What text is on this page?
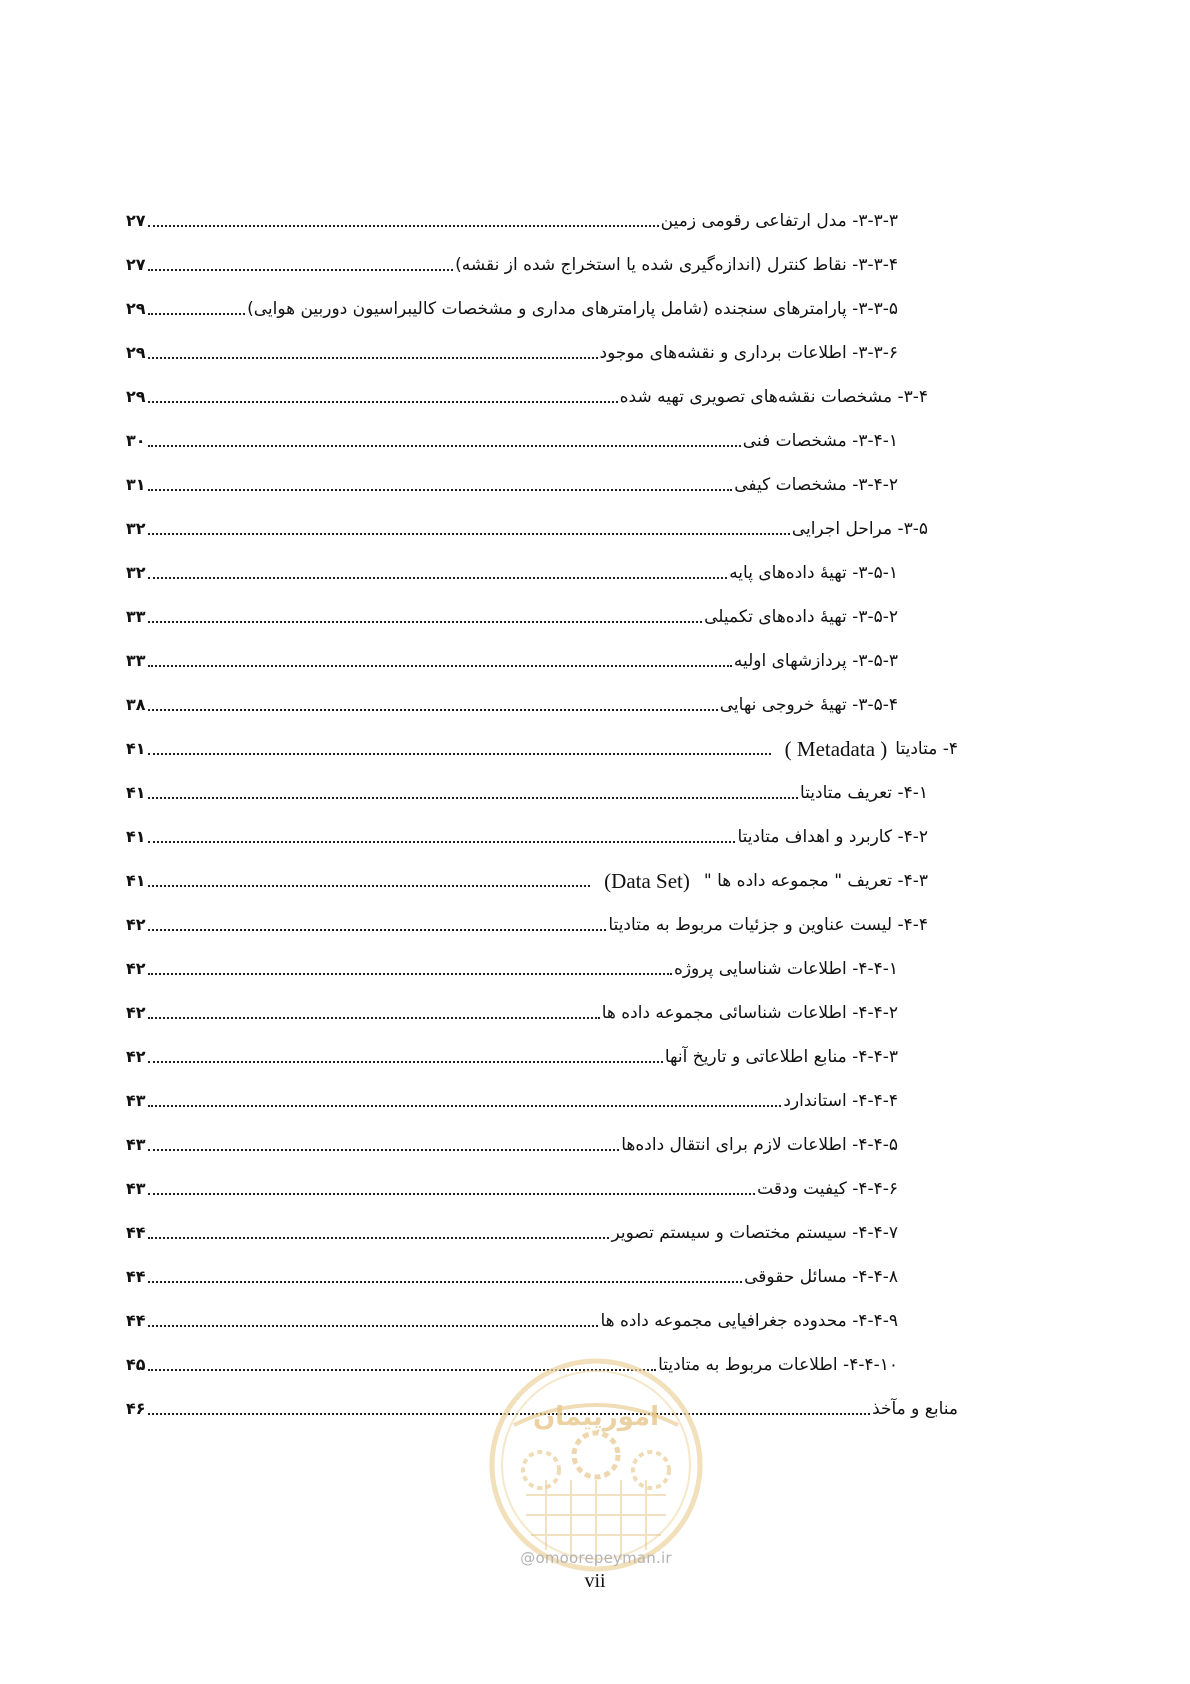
۳-۳-۳- مدل ارتفاعی رقومی زمین
۲۷
۳-۳-۴- نقاط کنترل (اندازه‌گیری شده یا استخراج شده از نقشه)
۲۷
۳-۳-۵- پارامترهای سنجنده (شامل پارامترهای مداری و مشخصات کالیبراسیون دوربین هوایی)
۲۹
۳-۳-۶- اطلاعات برداری و نقشه‌های موجود
۲۹
۳-۴- مشخصات نقشه‌های تصویری تهیه شده
۲۹
۳-۴-۱- مشخصات فنی
۳۰
۳-۴-۲- مشخصات کیفی
۳۱
۳-۵- مراحل اجرایی
۳۲
۳-۵-۱- تهیهٔ داده‌های پایه
۳۲
۳-۵-۲- تهیهٔ داده‌های تکمیلی
۳۳
۳-۵-۳- پردازشهای اولیه
۳۳
۳-۵-۴- تهیهٔ خروجی نهایی
۳۸
۴- متادیتا
( Metadata )
۴۱
۴-۱- تعریف متادیتا
۴۱
۴-۲- کاربرد و اهداف متادیتا
۴۱
۴-۳- تعریف " مجموعه داده ها "
(Data Set)
۴۱
۴-۴- لیست عناوین و جزئیات مربوط به متادیتا
۴۲
۴-۴-۱- اطلاعات شناسایی پروژه
۴۲
۴-۴-۲- اطلاعات شناسائی مجموعه داده ها
۴۲
۴-۴-۳- منابع اطلاعاتی و تاریخ آنها
۴۲
۴-۴-۴- استاندارد
۴۳
۴-۴-۵- اطلاعات لازم برای انتقال داده‌ها
۴۳
۴-۴-۶- کیفیت ودقت
۴۳
۴-۴-۷- سیستم مختصات و سیستم تصویر
۴۴
۴-۴-۸- مسائل حقوقی
۴۴
۴-۴-۹- محدوده جغرافیایی مجموعه داده ها
۴۴
۴-۴-۱۰- اطلاعات مربوط به متادیتا
۴۵
منابع و مآخذ
۴۶	امورپیمان
@omoorepeyman.ir
vii
